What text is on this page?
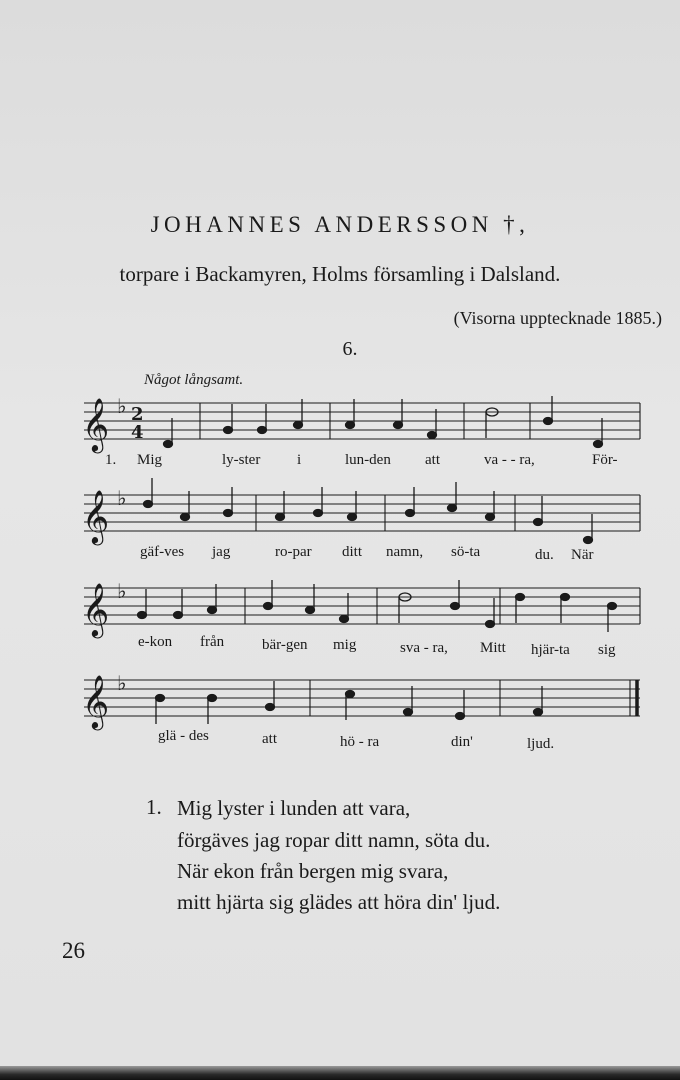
JOHANNES ANDERSSON †,
torpare i Backamyren, Holms församling i Dalsland.
(Visorna upptecknade 1885.)
6.
Något långsamt.
𝄞
𝄞
𝄞
𝄞
♭
♭
♭
♭
2
4
1. Mig	ly-ster i	lun-den att	va - - ra,	För-
gäf-ves jag	ro-par ditt namn, sö-ta	du. När
e-kon från	bär-gen mig	sva - ra, Mitt hjär-ta sig
glä - des	att	hö - ra	din'	ljud.
1. Mig lyster i lunden att vara,
förgäves jag ropar ditt namn, söta du.
När ekon från bergen mig svara,
mitt hjärta sig glädes att höra din' ljud.
26
